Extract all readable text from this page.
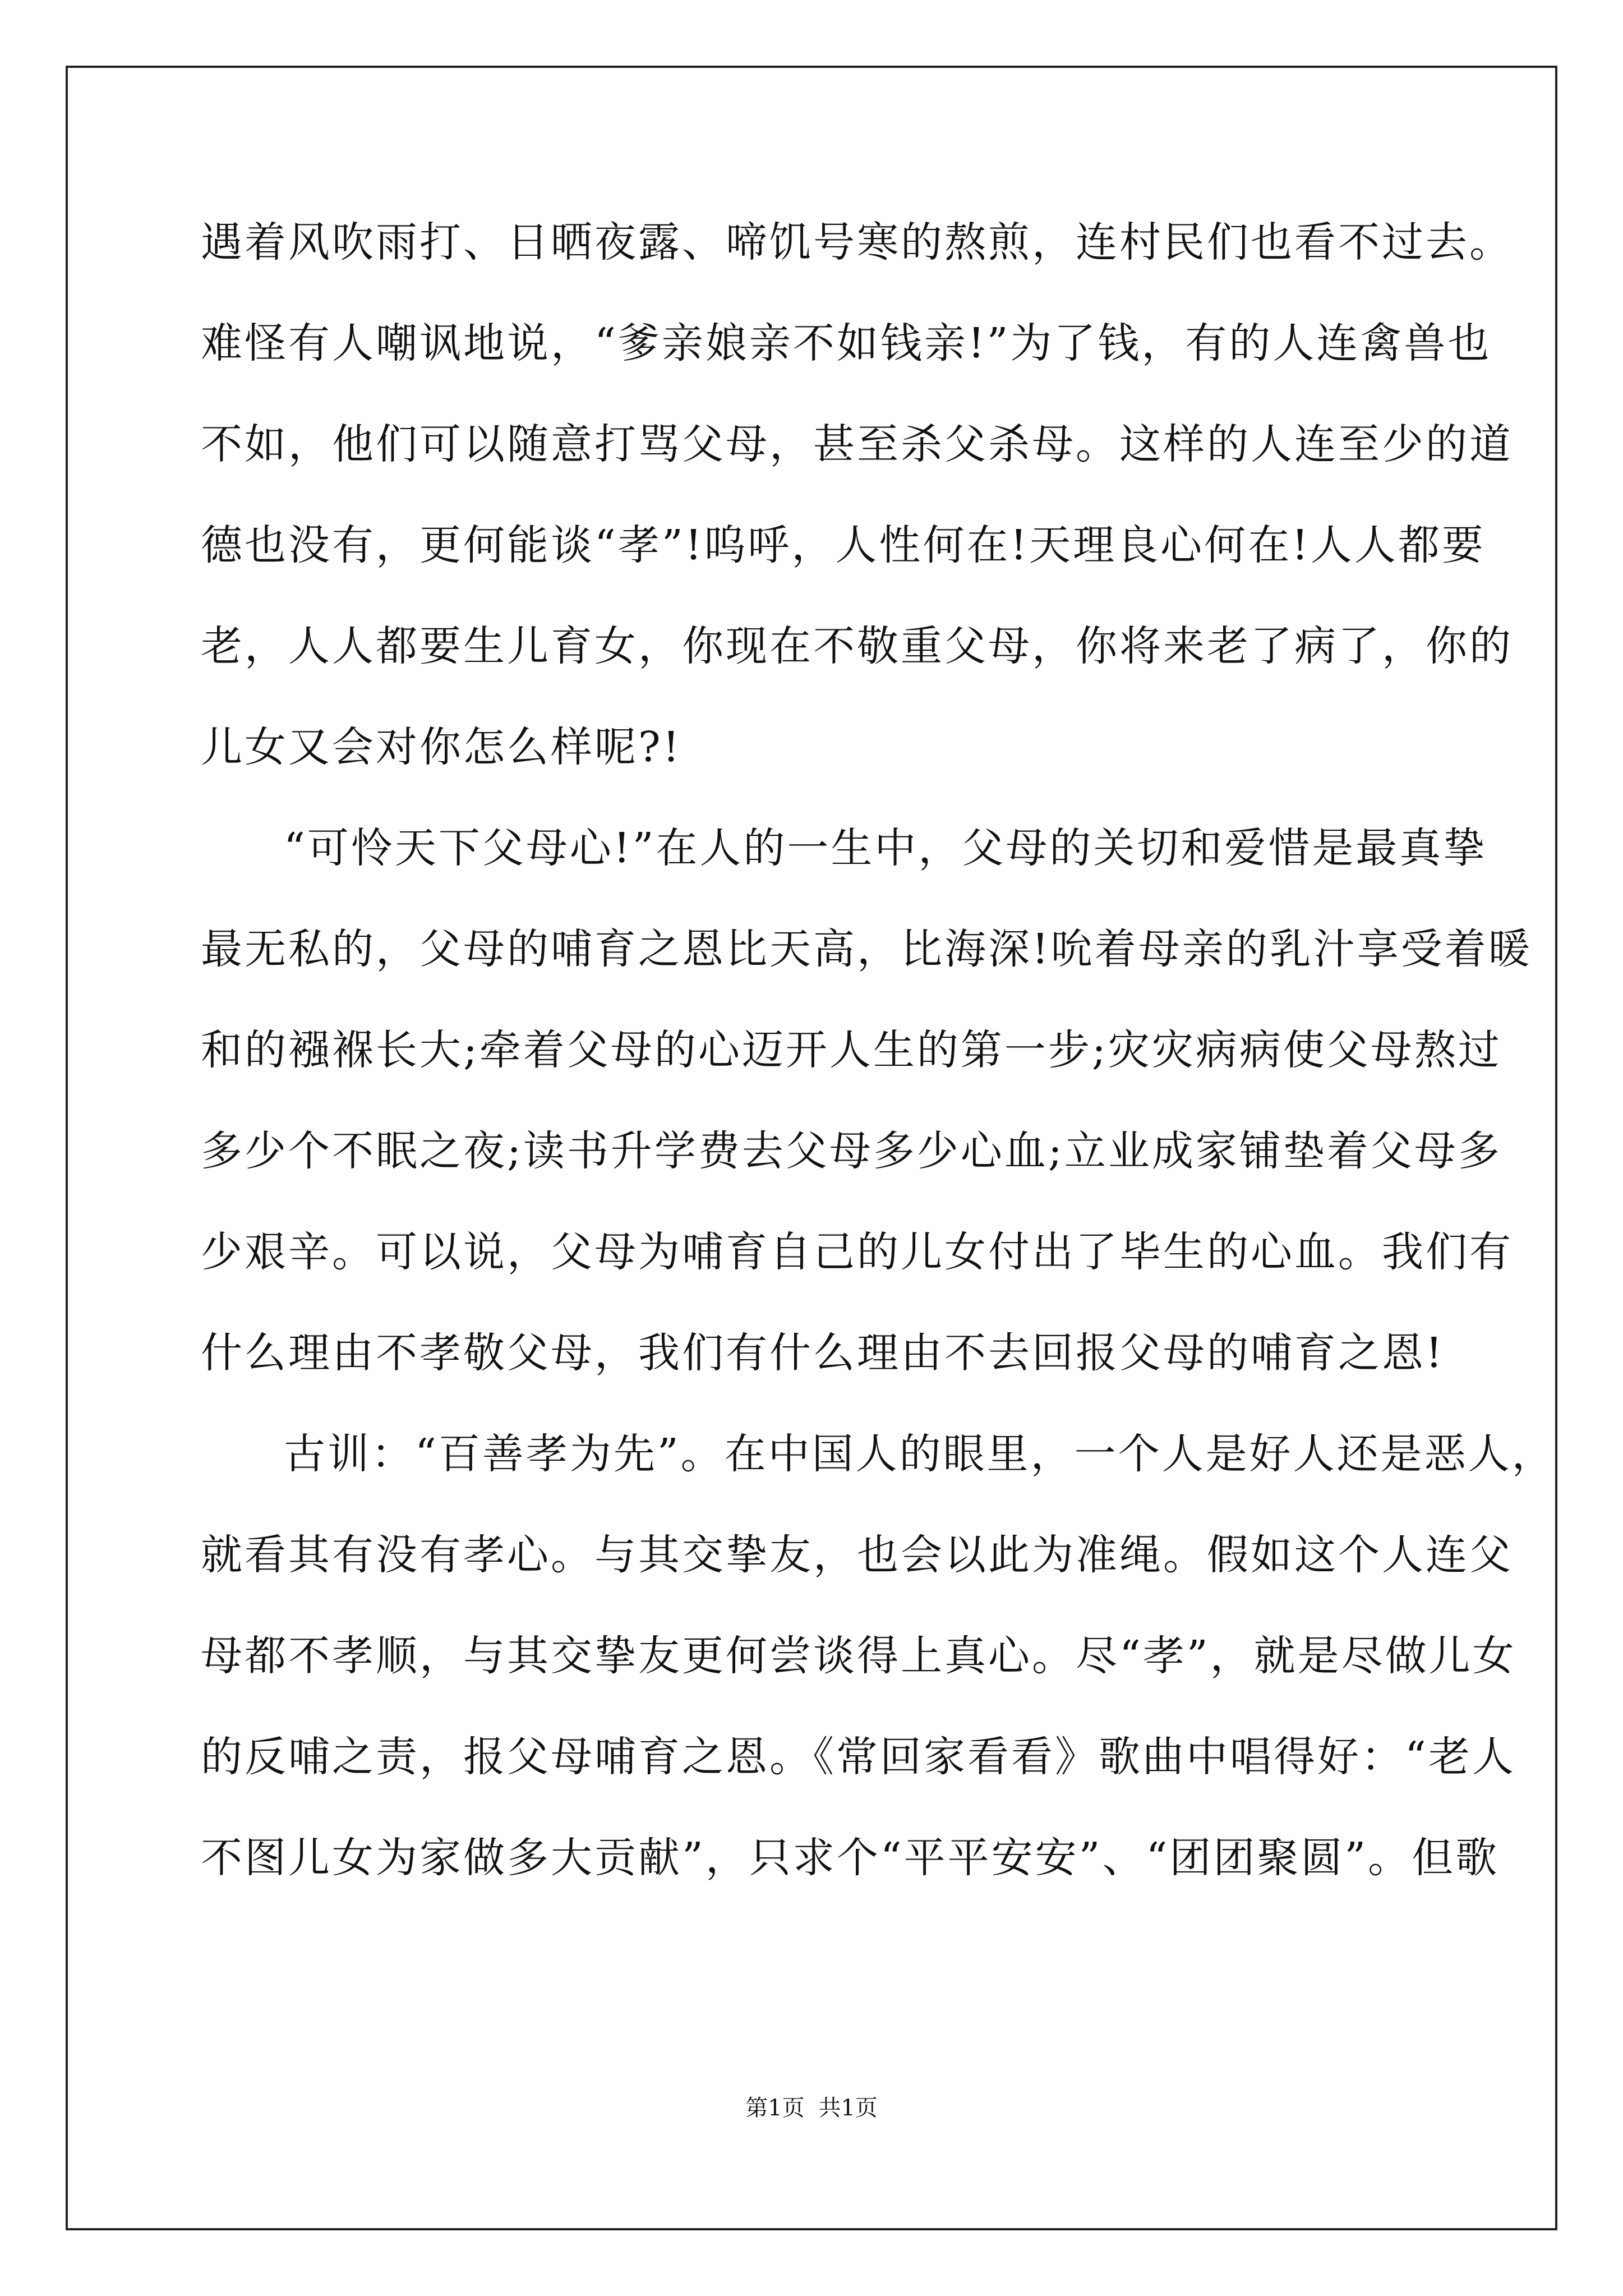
遇着风吹雨打、日晒夜露、啼饥号寒的熬煎，连村民们也看不过去。
难怪有人嘲讽地说，“爹亲娘亲不如钱亲!”为了钱，有的人连禽兽也
不如，他们可以随意打骂父母，甚至杀父杀母。这样的人连至少的道
德也没有，更何能谈“孝”!呜呼，人性何在!天理良心何在!人人都要
老，人人都要生儿育女，你现在不敬重父母，你将来老了病了，你的
儿女又会对你怎么样呢?!
“可怜天下父母心!”在人的一生中，父母的关切和爱惜是最真挚
最无私的，父母的哺育之恩比天高，比海深!吮着母亲的乳汁享受着暖
和的襁褓长大;牵着父母的心迈开人生的第一步;灾灾病病使父母熬过
多少个不眠之夜;读书升学费去父母多少心血;立业成家铺垫着父母多
少艰辛。可以说，父母为哺育自己的儿女付出了毕生的心血。我们有
什么理由不孝敬父母，我们有什么理由不去回报父母的哺育之恩!
古训：“百善孝为先”。在中国人的眼里，一个人是好人还是恶人，
就看其有没有孝心。与其交挚友，也会以此为准绳。假如这个人连父
母都不孝顺，与其交挚友更何尝谈得上真心。尽“孝”，就是尽做儿女
的反哺之责，报父母哺育之恩。《常回家看看》歌曲中唱得好：“老人
不图儿女为家做多大贡献”，只求个“平平安安”、“团团聚圆”。但歌
第1页 共1页
